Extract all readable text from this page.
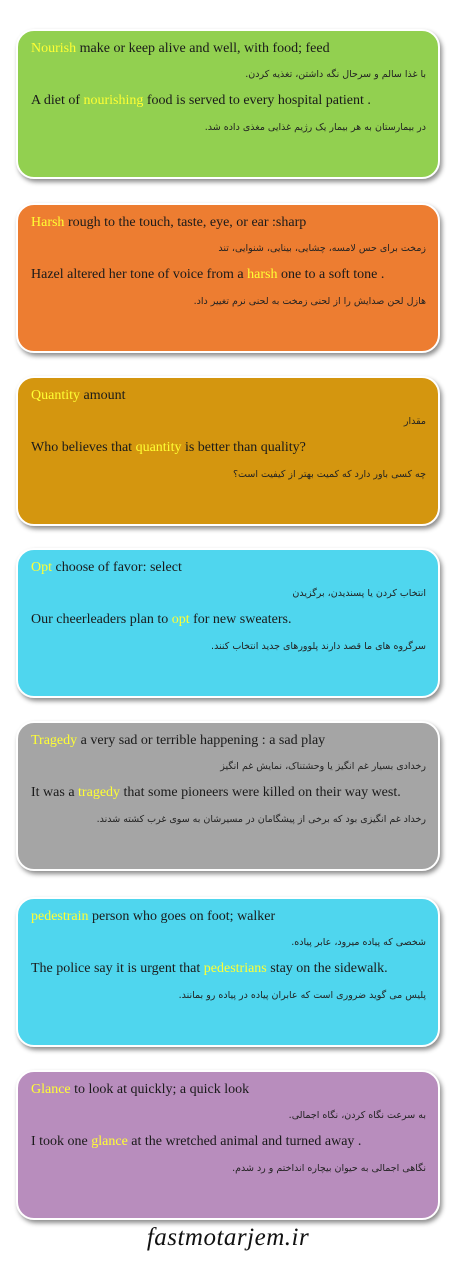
Nourish make or keep alive and well, with food; feed
با غذا سالم و سرحال نگه داشتن، تغذیه کردن.
A diet of nourishing food is served to every hospital patient .
در بیمارستان به هر بیمار یک رژیم غذایی مغذی داده شد.
Harsh rough to the touch, taste, eye, or ear :sharp
زمخت برای حس لامسه، چشایی، بینایی، شنوایی، تند
Hazel altered her tone of voice from a harsh one to a soft tone .
هازل لحن صدایش را از لحنی زمخت به لحنی نرم تغییر داد.
Quantity amount
مقدار
Who believes that quantity is better than quality?
چه کسی باور دارد که کمیت بهتر از کیفیت است؟
Opt choose of favor: select
انتخاب کردن یا پسندیدن، برگزیدن
Our cheerleaders plan to opt for new sweaters.
سرگروه های ما قصد دارند پلوورهای جدید انتخاب کنند.
Tragedy a very sad or terrible happening : a sad play
رخدادی بسیار غم انگیز یا وحشتناک، نمایش غم انگیز
It was a tragedy that some pioneers were killed on their way west.
رخداد غم انگیزی بود که برخی از پیشگامان در مسیرشان به سوی غرب کشته شدند.
pedestrain person who goes on foot; walker
شخصی که پیاده میرود، عابر پیاده.
The police say it is urgent that pedestrians stay on the sidewalk.
پلیس می گوید ضروری است که عابران پیاده در پیاده رو بمانند.
Glance to look at quickly; a quick look
به سرعت نگاه کردن، نگاه اجمالی.
I took one glance at the wretched animal and turned away .
نگاهی اجمالی به حیوان بیچاره انداختم و رد شدم.
fastmotarjem.ir
